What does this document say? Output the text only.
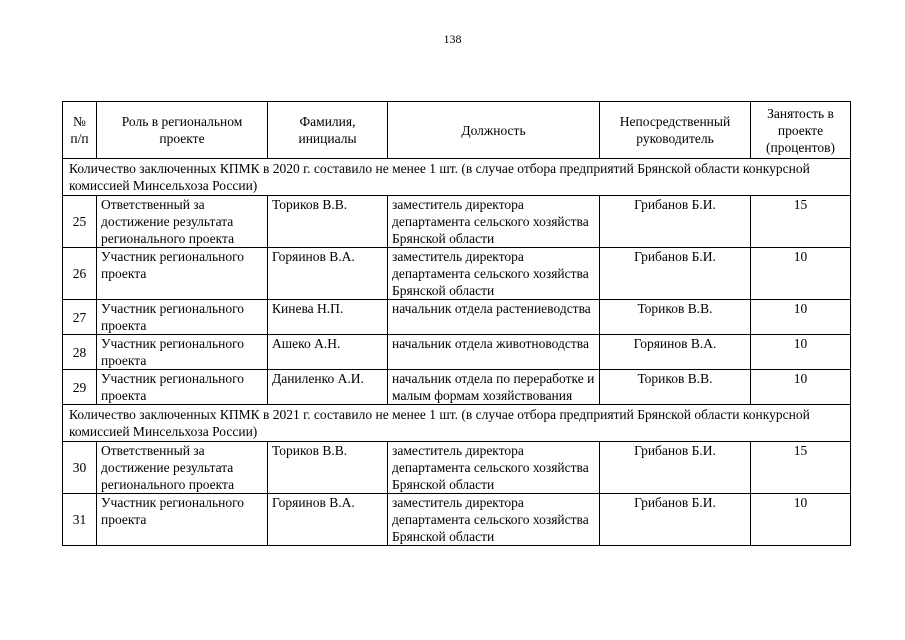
138
№ п/п	Роль в региональном проекте	Фамилия, инициалы	Должность	Непосредственный руководитель	Занятость в проекте (процентов)
Количество заключенных КПМК в 2020 г. составило не менее 1 шт. (в случае отбора предприятий Брянской области конкурсной комиссией Минсельхоза России)					
25	Ответственный за достижение результата регионального проекта	Ториков В.В.	заместитель директора департамента сельского хозяйства Брянской области	Грибанов Б.И.	15
26	Участник регионального проекта	Горяинов В.А.	заместитель директора департамента сельского хозяйства Брянской области	Грибанов Б.И.	10
27	Участник регионального проекта	Кинева Н.П.	начальник отдела растениеводства	Ториков В.В.	10
28	Участник регионального проекта	Ашеко А.Н.	начальник отдела животноводства	Горяинов В.А.	10
29	Участник регионального проекта	Даниленко А.И.	начальник отдела по переработке и малым формам хозяйствования	Ториков В.В.	10
Количество заключенных КПМК в 2021 г. составило не менее 1 шт. (в случае отбора предприятий Брянской области конкурсной комиссией Минсельхоза России)					
30	Ответственный за достижение результата регионального проекта	Ториков В.В.	заместитель директора департамента сельского хозяйства Брянской области	Грибанов Б.И.	15
31	Участник регионального проекта	Горяинов В.А.	заместитель директора департамента сельского хозяйства Брянской области	Грибанов Б.И.	10
